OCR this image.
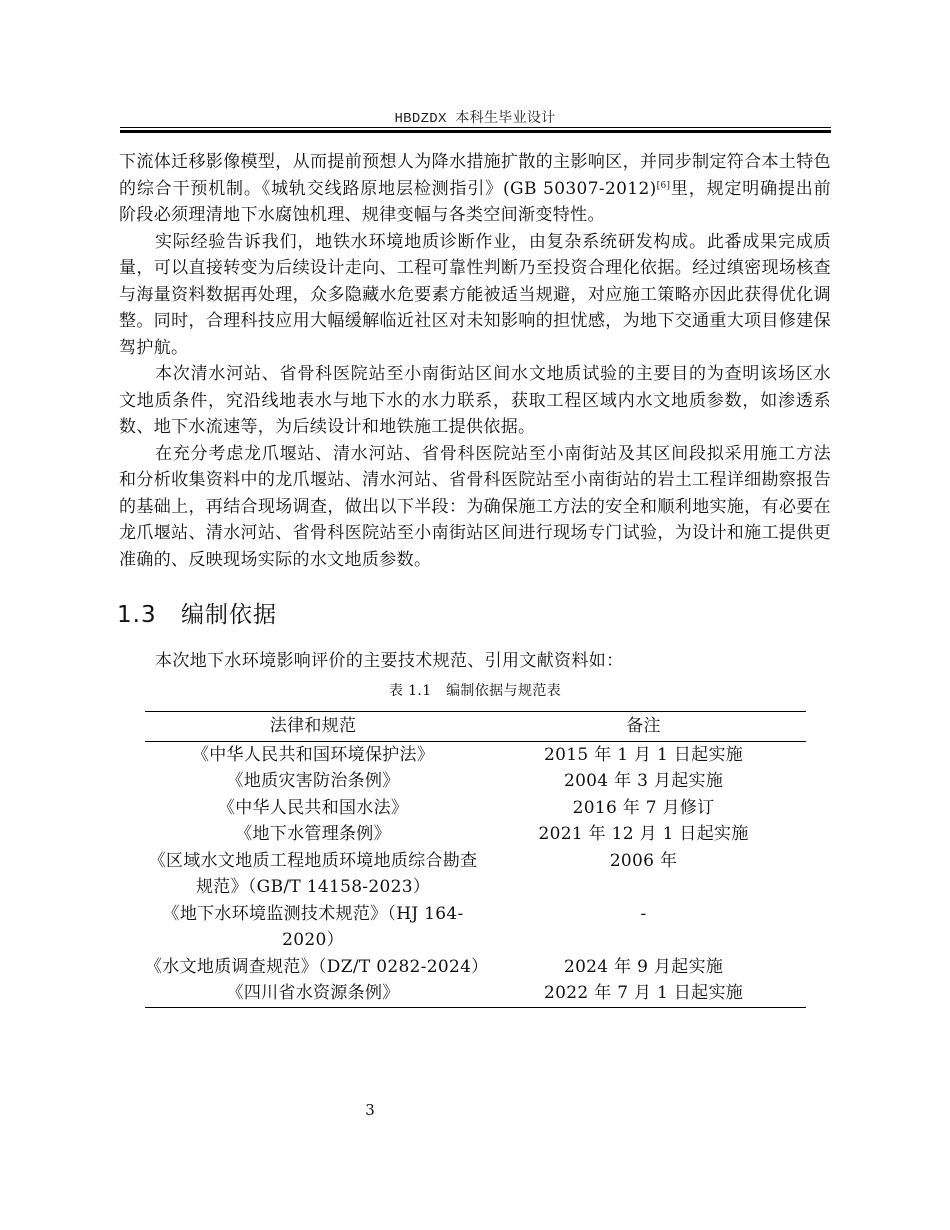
HBDZDX 本科生毕业设计

下流体迁移影像模型，从而提前预想人为降水措施扩散的主影响区，并同步制定符合本土特色的综合干预机制。《城轨交线路原地层检测指引》(GB 50307-2012)[6]里，规定明确提出前阶段必须理清地下水腐蚀机理、规律变幅与各类空间渐变特性。

实际经验告诉我们，地铁水环境地质诊断作业，由复杂系统研发构成。此番成果完成质量，可以直接转变为后续设计走向、工程可靠性判断乃至投资合理化依据。经过缜密现场核查与海量资料数据再处理，众多隐藏水危要素方能被适当规避，对应施工策略亦因此获得优化调整。同时，合理科技应用大幅缓解临近社区对未知影响的担忧感，为地下交通重大项目修建保驾护航。

本次清水河站、省骨科医院站至小南街站区间水文地质试验的主要目的为查明该场区水文地质条件，究沿线地表水与地下水的水力联系，获取工程区域内水文地质参数，如渗透系数、地下水流速等，为后续设计和地铁施工提供依据。

在充分考虑龙爪堰站、清水河站、省骨科医院站至小南街站及其区间段拟采用施工方法和分析收集资料中的龙爪堰站、清水河站、省骨科医院站至小南街站的岩土工程详细勘察报告的基础上，再结合现场调查，做出以下半段：为确保施工方法的安全和顺利地实施，有必要在龙爪堰站、清水河站、省骨科医院站至小南街站区间进行现场专门试验，为设计和施工提供更准确的、反映现场实际的水文地质参数。

1.3 编制依据

本次地下水环境影响评价的主要技术规范、引用文献资料如：

表 1.1　编制依据与规范表
法律和规范	备注
《中华人民共和国环境保护法》	2015 年 1 月 1 日起实施
《地质灾害防治条例》	2004 年 3 月起实施
《中华人民共和国水法》	2016 年 7 月修订
《地下水管理条例》	2021 年 12 月 1 日起实施
《区域水文地质工程地质环境地质综合勘查规范》（GB/T 14158-2023）	2006 年
《地下水环境监测技术规范》（HJ 164-2020）	-
《水文地质调查规范》（DZ/T 0282-2024）	2024 年 9 月起实施
《四川省水资源条例》	2022 年 7 月 1 日起实施
3
